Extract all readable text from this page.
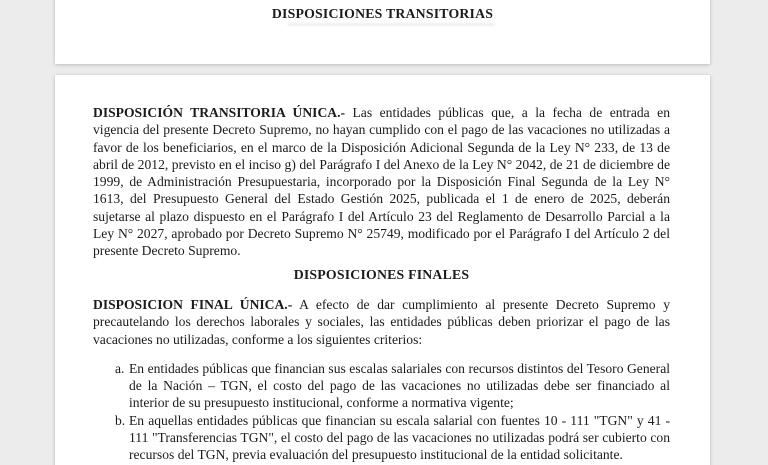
DISPOSICIONES TRANSITORIAS

DISPOSICIÓN TRANSITORIA ÚNICA.- Las entidades públicas que, a la fecha de entrada en vigencia del presente Decreto Supremo, no hayan cumplido con el pago de las vacaciones no utilizadas a favor de los beneficiarios, en el marco de la Disposición Adicional Segunda de la Ley N° 233, de 13 de abril de 2012, previsto en el inciso g) del Parágrafo I del Anexo de la Ley N° 2042, de 21 de diciembre de 1999, de Administración Presupuestaria, incorporado por la Disposición Final Segunda de la Ley N° 1613, del Presupuesto General del Estado Gestión 2025, publicada el 1 de enero de 2025, deberán sujetarse al plazo dispuesto en el Parágrafo I del Artículo 23 del Reglamento de Desarrollo Parcial a la Ley N° 2027, aprobado por Decreto Supremo N° 25749, modificado por el Parágrafo I del Artículo 2 del presente Decreto Supremo.

DISPOSICIONES FINALES

DISPOSICION FINAL ÚNICA.- A efecto de dar cumplimiento al presente Decreto Supremo y precautelando los derechos laborales y sociales, las entidades públicas deben priorizar el pago de las vacaciones no utilizadas, conforme a los siguientes criterios:

a. En entidades públicas que financian sus escalas salariales con recursos distintos del Tesoro General de la Nación – TGN, el costo del pago de las vacaciones no utilizadas debe ser financiado al interior de su presupuesto institucional, conforme a normativa vigente;
b. En aquellas entidades públicas que financian su escala salarial con fuentes 10 - 111 "TGN" y 41 - 111 "Transferencias TGN", el costo del pago de las vacaciones no utilizadas podrá ser cubierto con recursos del TGN, previa evaluación del presupuesto institucional de la entidad solicitante.
